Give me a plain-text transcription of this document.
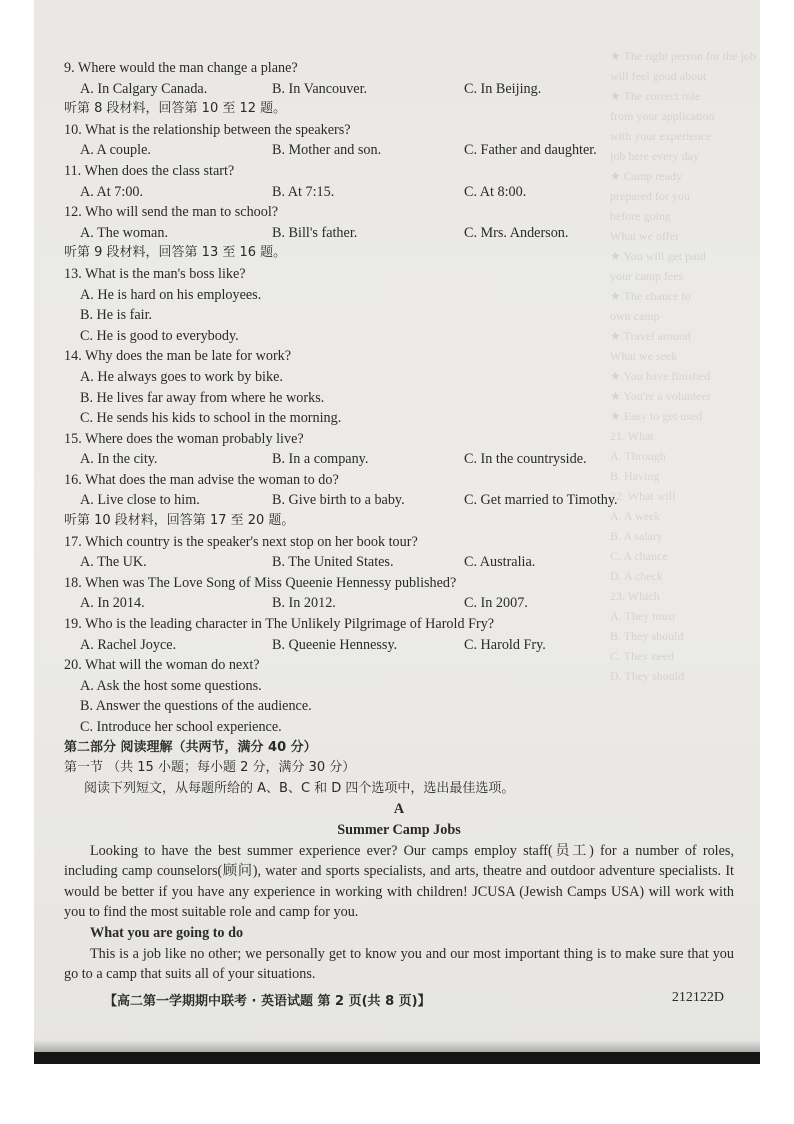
★ The right person for the job
will feel good about
★ The correct role
from your application
with your experience
job here every day
★ Camp ready
prepared for you
before going
What we offer
★ You will get paid
your camp fees
★ The chance to
own camp
★ Travel around
What we seek
★ You have finished
★ You're a volunteer
★ Easy to get used
21. What
A. Through
B. Having
22. What will
A. A week
B. A salary
C. A chance
D. A check
23. Which
A. They must
B. They should
C. They need
D. They should
9. Where would the man change a plane?
A. In Calgary Canada.	B. In Vancouver.	C. In Beijing.
听第 8 段材料，回答第 10 至 12 题。
10. What is the relationship between the speakers?
A. A couple.	B. Mother and son.	C. Father and daughter.
11. When does the class start?
A. At 7:00.	B. At 7:15.	C. At 8:00.
12. Who will send the man to school?
A. The woman.	B. Bill's father.	C. Mrs. Anderson.
听第 9 段材料，回答第 13 至 16 题。
13. What is the man's boss like?
A. He is hard on his employees.
B. He is fair.
C. He is good to everybody.
14. Why does the man be late for work?
A. He always goes to work by bike.
B. He lives far away from where he works.
C. He sends his kids to school in the morning.
15. Where does the woman probably live?
A. In the city.	B. In a company.	C. In the countryside.
16. What does the man advise the woman to do?
A. Live close to him.	B. Give birth to a baby.	C. Get married to Timothy.
听第 10 段材料，回答第 17 至 20 题。
17. Which country is the speaker's next stop on her book tour?
A. The UK.	B. The United States.	C. Australia.
18. When was The Love Song of Miss Queenie Hennessy published?
A. In 2014.	B. In 2012.	C. In 2007.
19. Who is the leading character in The Unlikely Pilgrimage of Harold Fry?
A. Rachel Joyce.	B. Queenie Hennessy.	C. Harold Fry.
20. What will the woman do next?
A. Ask the host some questions.
B. Answer the questions of the audience.
C. Introduce her school experience.
第二部分 阅读理解（共两节，满分 40 分）
第一节 （共 15 小题；每小题 2 分，满分 30 分）
阅读下列短文，从每题所给的 A、B、C 和 D 四个选项中，选出最佳选项。
A
Summer Camp Jobs

Looking to have the best summer experience ever? Our camps employ staff(员工) for a number of roles, including camp counselors(顾问), water and sports specialists, and arts, theatre and outdoor adventure specialists. It would be better if you have any experience in working with children! JCUSA (Jewish Camps USA) will work with you to find the most suitable role and camp for you.

What you are going to do

This is a job like no other; we personally get to know you and our most important thing is to make sure that you go to a camp that suits all of your situations.

【高二第一学期期中联考 · 英语试题 第 2 页(共 8 页)】	212122D
